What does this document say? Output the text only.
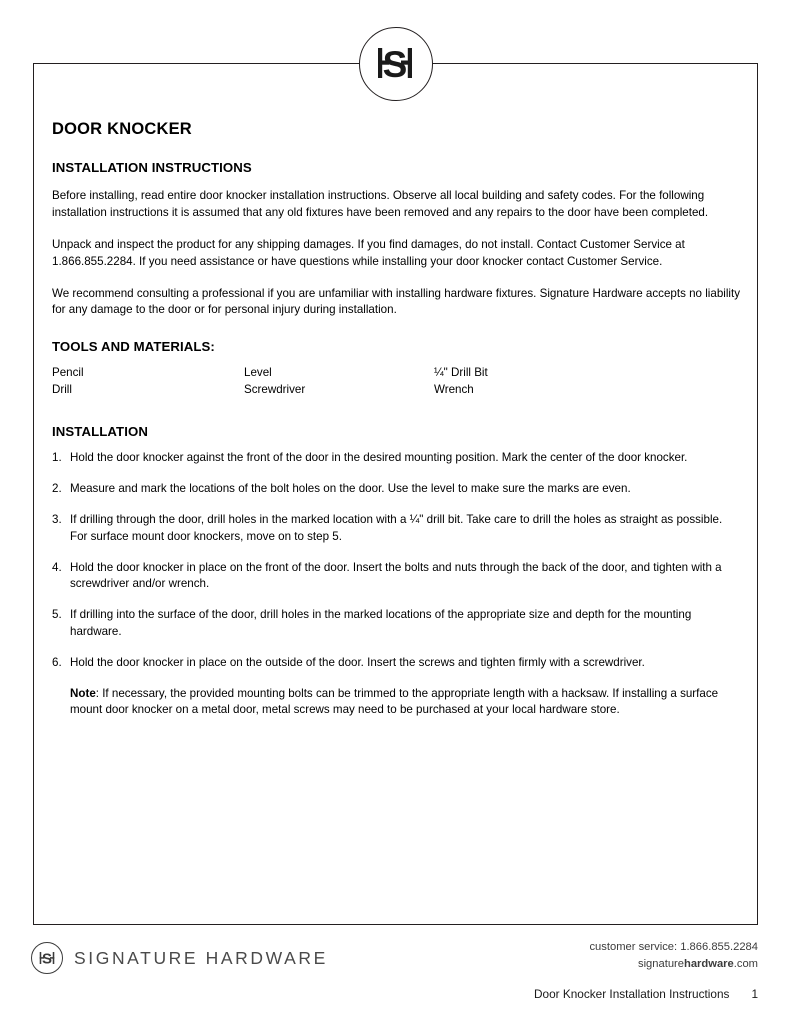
S
DOOR KNOCKER
INSTALLATION INSTRUCTIONS

Before installing, read entire door knocker installation instructions. Observe all local building and safety codes. For the following installation instructions it is assumed that any old fixtures have been removed and any repairs to the door have been completed.

Unpack and inspect the product for any shipping damages. If you find damages, do not install. Contact Customer Service at 1.866.855.2284. If you need assistance or have questions while installing your door knocker contact Customer Service.

We recommend consulting a professional if you are unfamiliar with installing hardware fixtures. Signature Hardware accepts no liability for any damage to the door or for personal injury during installation.

TOOLS AND MATERIALS:
Pencil	Level	¼" Drill Bit
Drill	Screwdriver	Wrench
INSTALLATION
1. Hold the door knocker against the front of the door in the desired mounting position. Mark the center of the door knocker.
2. Measure and mark the locations of the bolt holes on the door. Use the level to make sure the marks are even.
3. If drilling through the door, drill holes in the marked location with a ¼" drill bit. Take care to drill the holes as straight as possible. For surface mount door knockers, move on to step 5.
4. Hold the door knocker in place on the front of the door. Insert the bolts and nuts through the back of the door, and tighten with a screwdriver and/or wrench.
5. If drilling into the surface of the door, drill holes in the marked locations of the appropriate size and depth for the mounting hardware.
6. Hold the door knocker in place on the outside of the door. Insert the screws and tighten firmly with a screwdriver.
Note: If necessary, the provided mounting bolts can be trimmed to the appropriate length with a hacksaw. If installing a surface mount door knocker on a metal door, metal screws may need to be purchased at your local hardware store.
S SIGNATURE HARDWARE
customer service: 1.866.855.2284
signaturehardware.com
Door Knocker Installation Instructions 1
